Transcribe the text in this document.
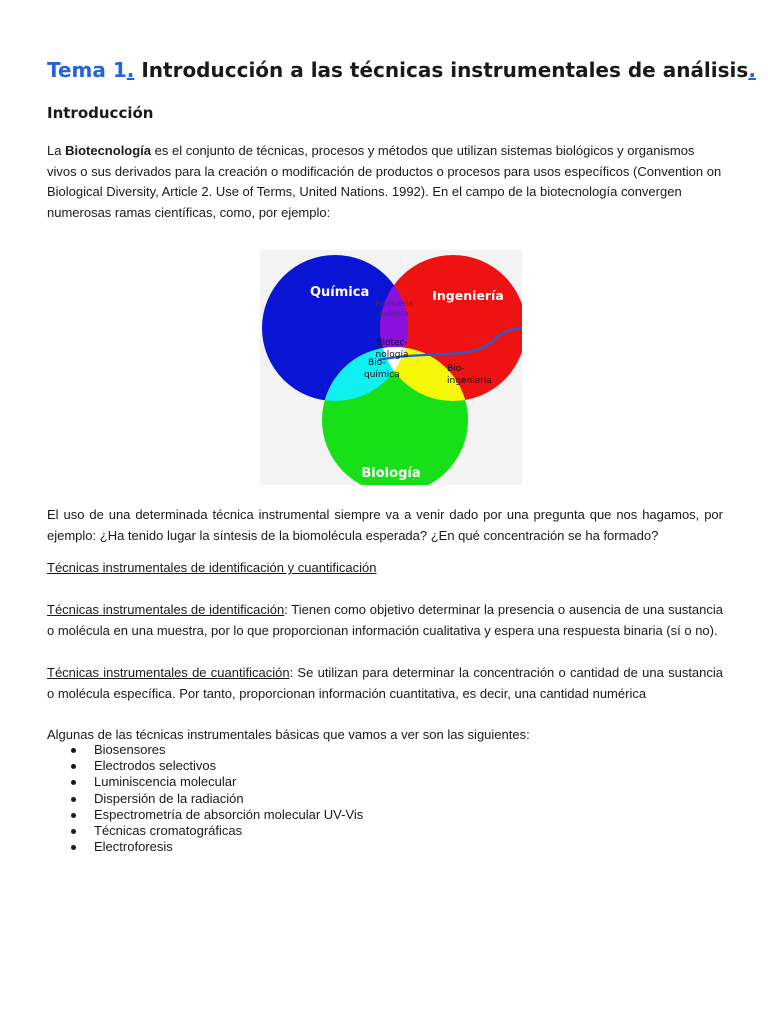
Tema 1. Introducción a las técnicas instrumentales de análisis.
Introducción
La Biotecnología es el conjunto de técnicas, procesos y métodos que utilizan sistemas biológicos y organismos vivos o sus derivados para la creación o modificación de productos o procesos para usos específicos (Convention on Biological Diversity, Article 2. Use of Terms, United Nations. 1992). En el campo de la biotecnología convergen numerosas ramas científicas, como, por ejemplo:
Química	Ingeniería
Biología
Ingeniería
química
Biotec-
nología
Bio-
química
Bio-
ingeniería
El uso de una determinada técnica instrumental siempre va a venir dado por una pregunta que nos hagamos, por ejemplo: ¿Ha tenido lugar la síntesis de la biomolécula esperada? ¿En qué concentración se ha formado?
Técnicas instrumentales de identificación y cuantificación
Técnicas instrumentales de identificación: Tienen como objetivo determinar la presencia o ausencia de una sustancia o molécula en una muestra, por lo que proporcionan información cualitativa y espera una respuesta binaria (sí o no).
Técnicas instrumentales de cuantificación: Se utilizan para determinar la concentración o cantidad de una sustancia o molécula específica. Por tanto, proporcionan información cuantitativa, es decir, una cantidad numérica
Algunas de las técnicas instrumentales básicas que vamos a ver son las siguientes:
Biosensores
Electrodos selectivos
Luminiscencia molecular
Dispersión de la radiación
Espectrometría de absorción molecular UV-Vis
Técnicas cromatográficas
Electroforesis
